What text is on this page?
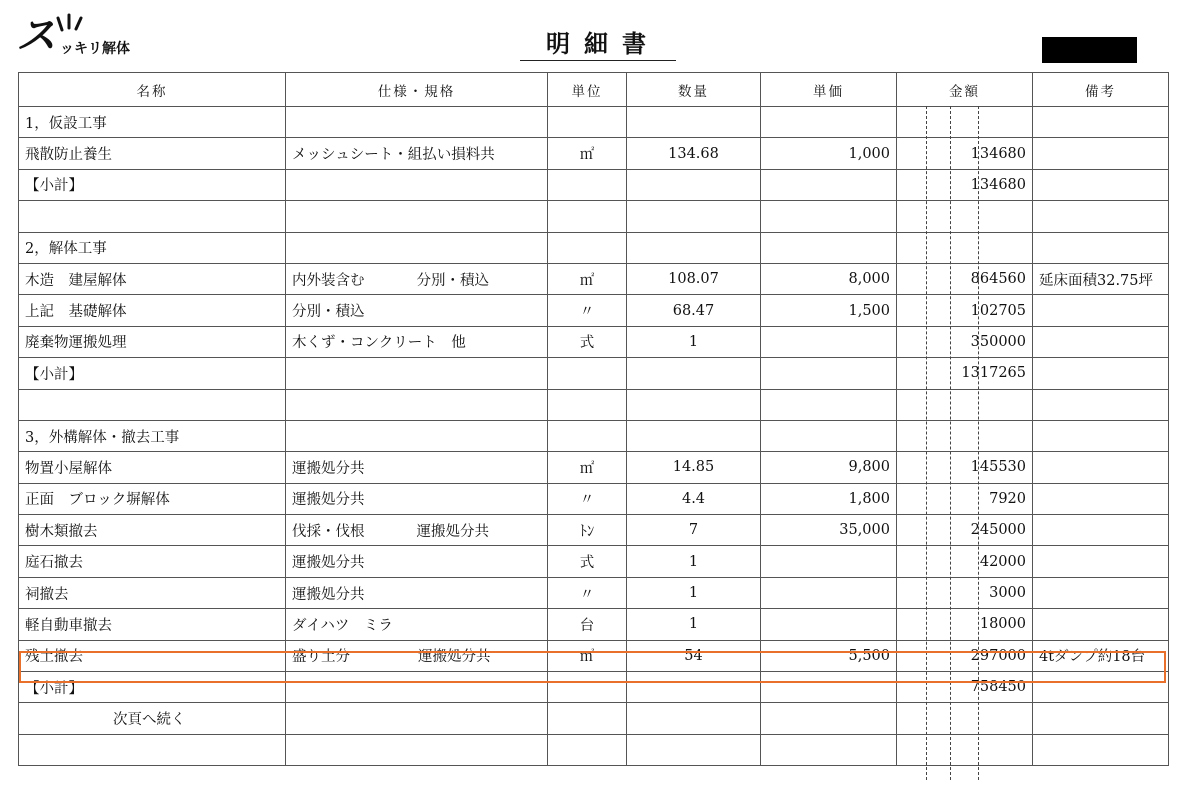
ス ッキリ解体	明細書
名称	仕様・規格	単位	数量	単価	金額	備考
1，仮設工事						
飛散防止養生	メッシュシート・組払い損料共	㎡	134.68	1,000	134680	
【小計】					134680	

2，解体工事						
木造　建屋解体	内外装含む 分別・積込	㎡	108.07	8,000	864560	延床面積32.75坪
上記　基礎解体	分別・積込	〃	68.47	1,500	102705	
廃棄物運搬処理	木くず・コンクリート　他	式	1		350000	
【小計】					1317265	

3，外構解体・撤去工事						
物置小屋解体	運搬処分共	㎡	14.85	9,800	145530	
正面　ブロック塀解体	運搬処分共	〃	4.4	1,800	7920	
樹木類撤去	伐採・伐根 運搬処分共	ﾄﾝ	7	35,000	245000	
庭石撤去	運搬処分共	式	1		42000	
祠撤去	運搬処分共	〃	1		3000	
軽自動車撤去	ダイハツ　ミラ	台	1		18000	
残土撤去	盛り土分 運搬処分共	㎡	54	5,500	297000	4tダンプ約18台
【小計】					758450	
次頁へ続く						
